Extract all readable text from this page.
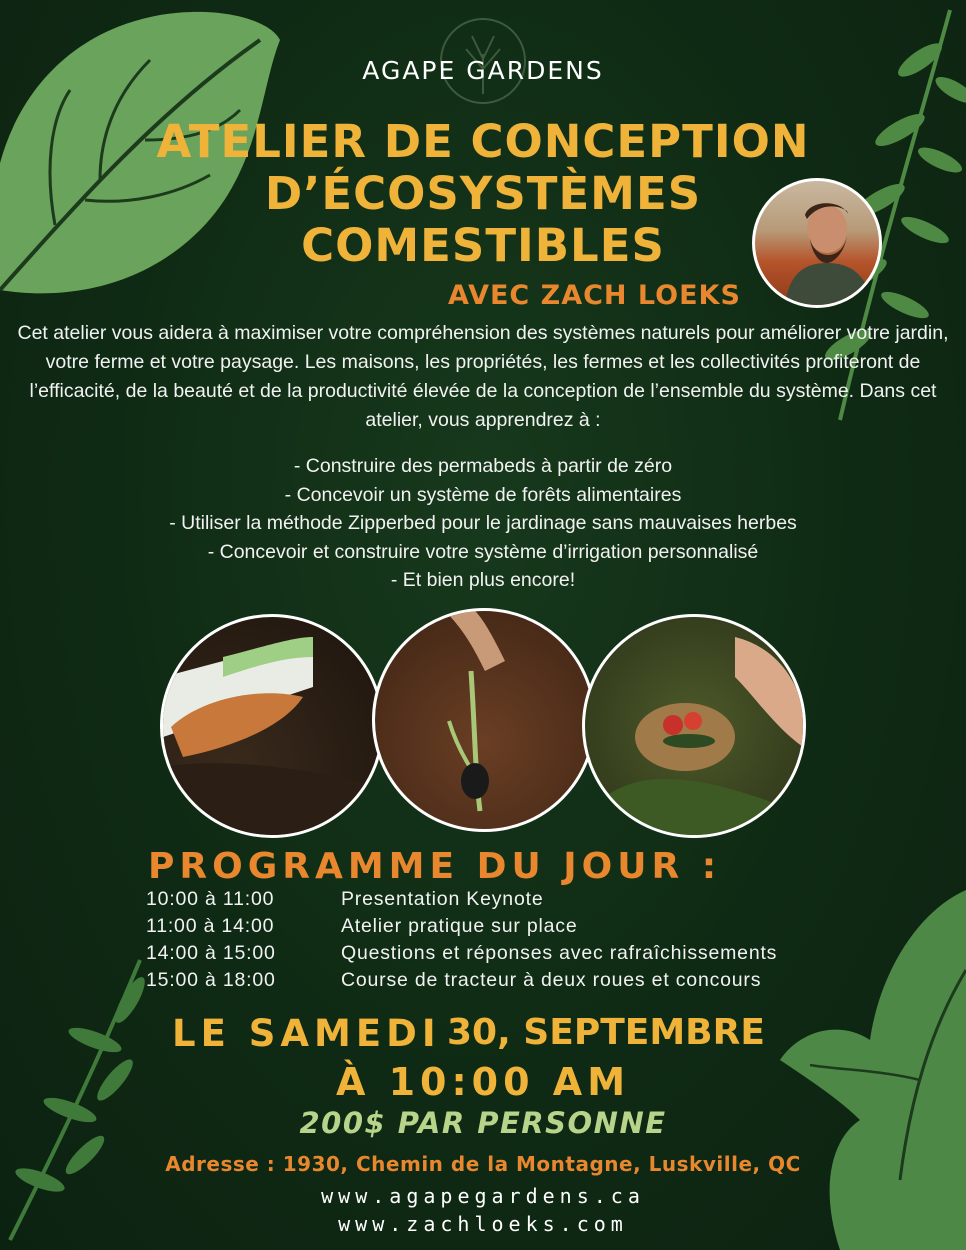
AGAPE GARDENS
ATELIER DE CONCEPTION
D’ÉCOSYSTÈMES
COMESTIBLES
AVEC ZACH LOEKS
Cet atelier vous aidera à maximiser votre compréhension des systèmes naturels pour améliorer votre jardin, votre ferme et votre paysage. Les maisons, les propriétés, les fermes et les collectivités profiteront de l’efficacité, de la beauté et de la productivité élevée de la conception de l’ensemble du système. Dans cet atelier, vous apprendrez à :
- Construire des permabeds à partir de zéro
- Concevoir un système de forêts alimentaires
- Utiliser la méthode Zipperbed pour le jardinage sans mauvaises herbes
- Concevoir et construire votre système d’irrigation personnalisé
- Et bien plus encore!
PROGRAMME DU JOUR :
10:00 à 11:00	Presentation Keynote
11:00 à 14:00	Atelier pratique sur place
14:00 à 15:00	Questions et réponses avec rafraîchissements
15:00 à 18:00	Course de tracteur à deux roues et concours
LE SAMEDI 30, SEPTEMBRE
À 10:00 AM
200$ PAR PERSONNE
Adresse : 1930, Chemin de la Montagne, Luskville, QC
www.agapegardens.ca
www.zachloeks.com
